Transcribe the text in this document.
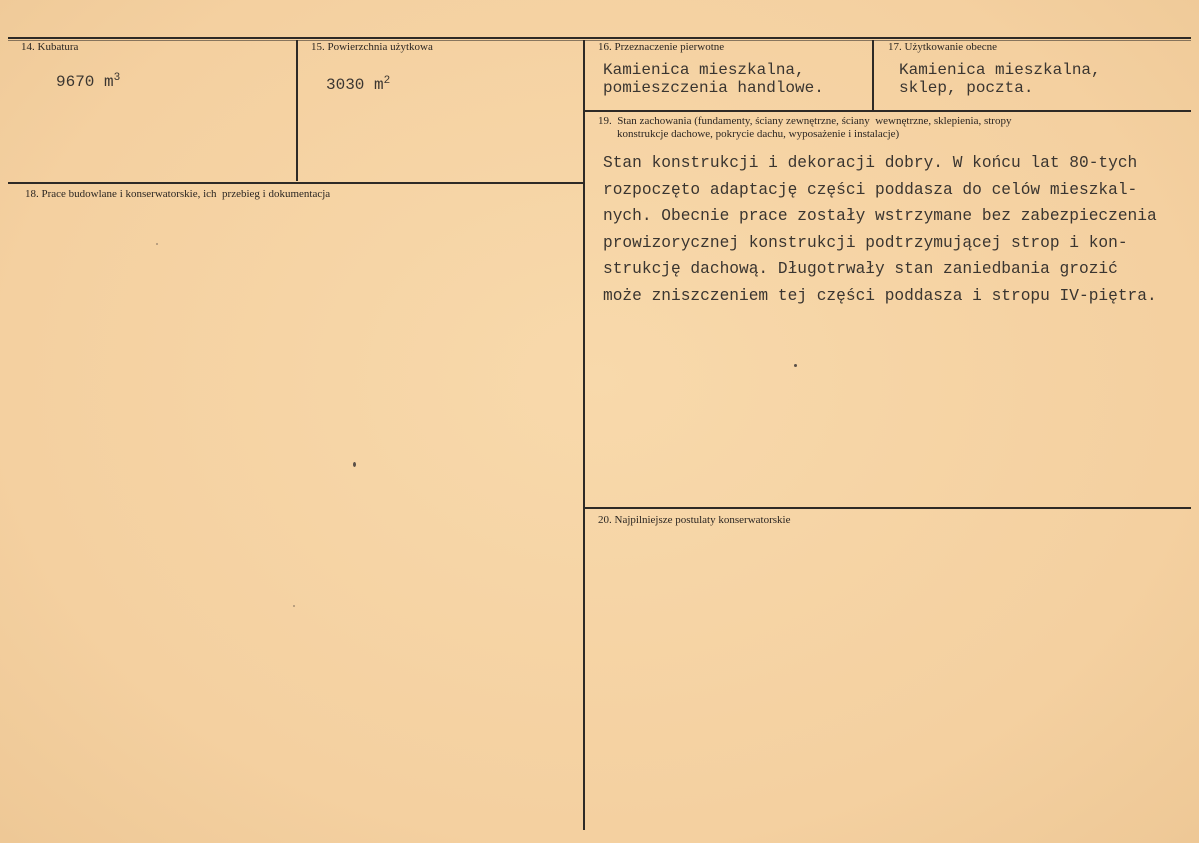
14. Kubatura
9670 $m^3$
15. Powierzchnia użytkowa
3030 $m^2$
16. Przeznaczenie pierwotne
Kamienica mieszkalna,
pomieszczenia handlowe.
17. Użytkowanie obecne
Kamienica mieszkalna,
sklep, poczta.
18. Prace budowlane i konserwatorskie, ich  przebieg i dokumentacja
19.  Stan zachowania (fundamenty, ściany zewnętrzne, ściany  wewnętrzne, sklepienia, stropy
konstrukcje dachowe, pokrycie dachu, wyposażenie i instalacje)
Stan konstrukcji i dekoracji dobry. W końcu lat 80-tych
rozpoczęto adaptację części poddasza do celów mieszkal-
nych. Obecnie prace zostały wstrzymane bez zabezpieczenia
prowizorycznej konstrukcji podtrzymującej strop i kon-
strukcję dachową. Długotrwały stan zaniedbania grozić
może zniszczeniem tej części poddasza i stropu IV-piętra.
20. Najpilniejsze postulaty konserwatorskie
